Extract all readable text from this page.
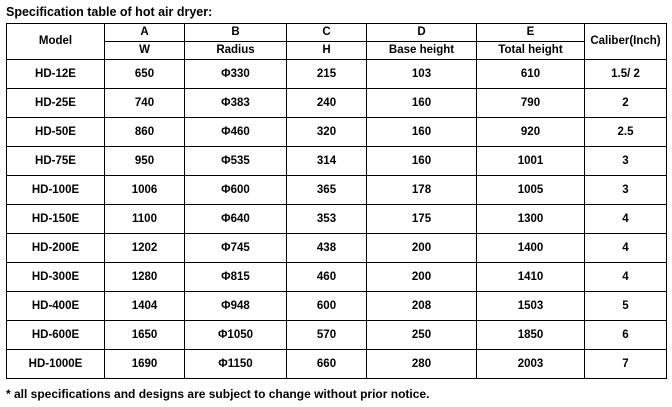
Specification table of hot air dryer:
Model	A	B	C	D	E	Caliber(Inch)
	W	Radius	H	Base height	Total height	
HD-12E	650	Φ330	215	103	610	1.5/ 2
HD-25E	740	Φ383	240	160	790	2
HD-50E	860	Φ460	320	160	920	2.5
HD-75E	950	Φ535	314	160	1001	3
HD-100E	1006	Φ600	365	178	1005	3
HD-150E	1100	Φ640	353	175	1300	4
HD-200E	1202	Φ745	438	200	1400	4
HD-300E	1280	Φ815	460	200	1410	4
HD-400E	1404	Φ948	600	208	1503	5
HD-600E	1650	Φ1050	570	250	1850	6
HD-1000E	1690	Φ1150	660	280	2003	7
* all specifications and designs are subject to change without prior notice.
